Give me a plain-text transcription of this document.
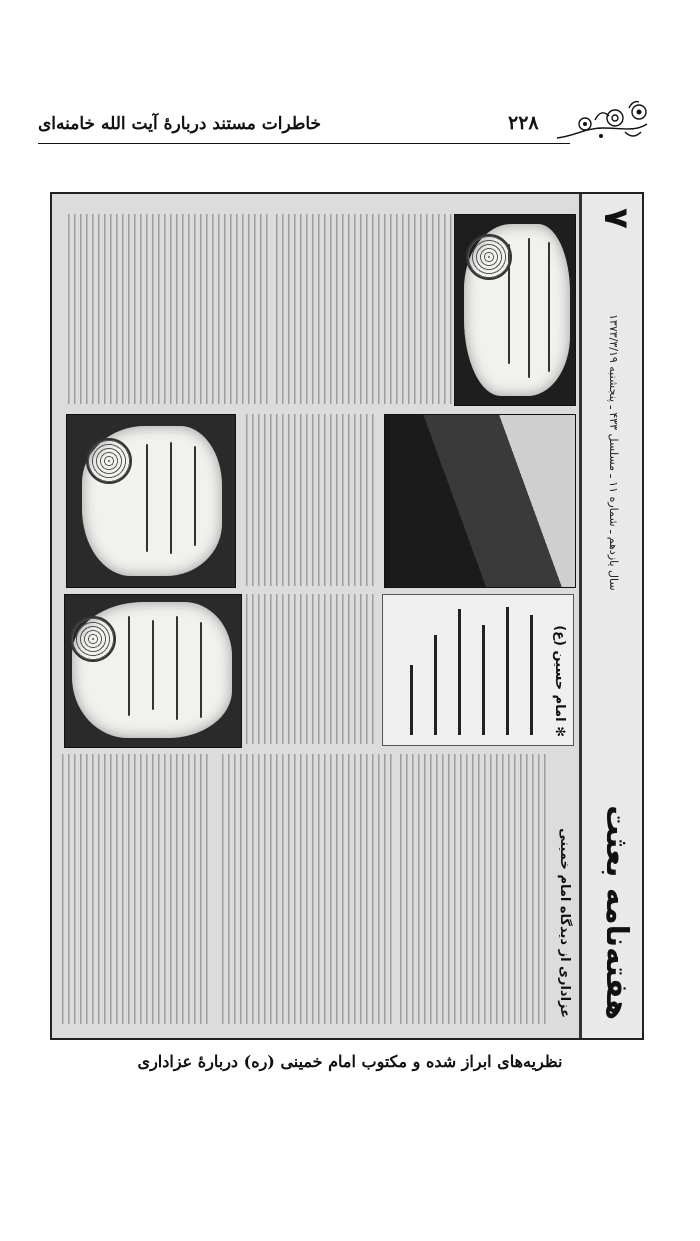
خاطرات مستند دربارۀ آیت الله خامنه‌ای	۲۲۸
هفته‌نامه بعثت
سال یازدهم ـ شماره ۱۱ ـ مسلسل ۴۳۳ ـ پنجشنبه ۱۳۷۳/۳/۱۹
۷
عزاداری از دیدگاه امام خمینی
✻ امام حسین (ع)
نظریه‌های ابراز شده و مکتوب امام خمینی (ره) دربارۀ عزاداری
